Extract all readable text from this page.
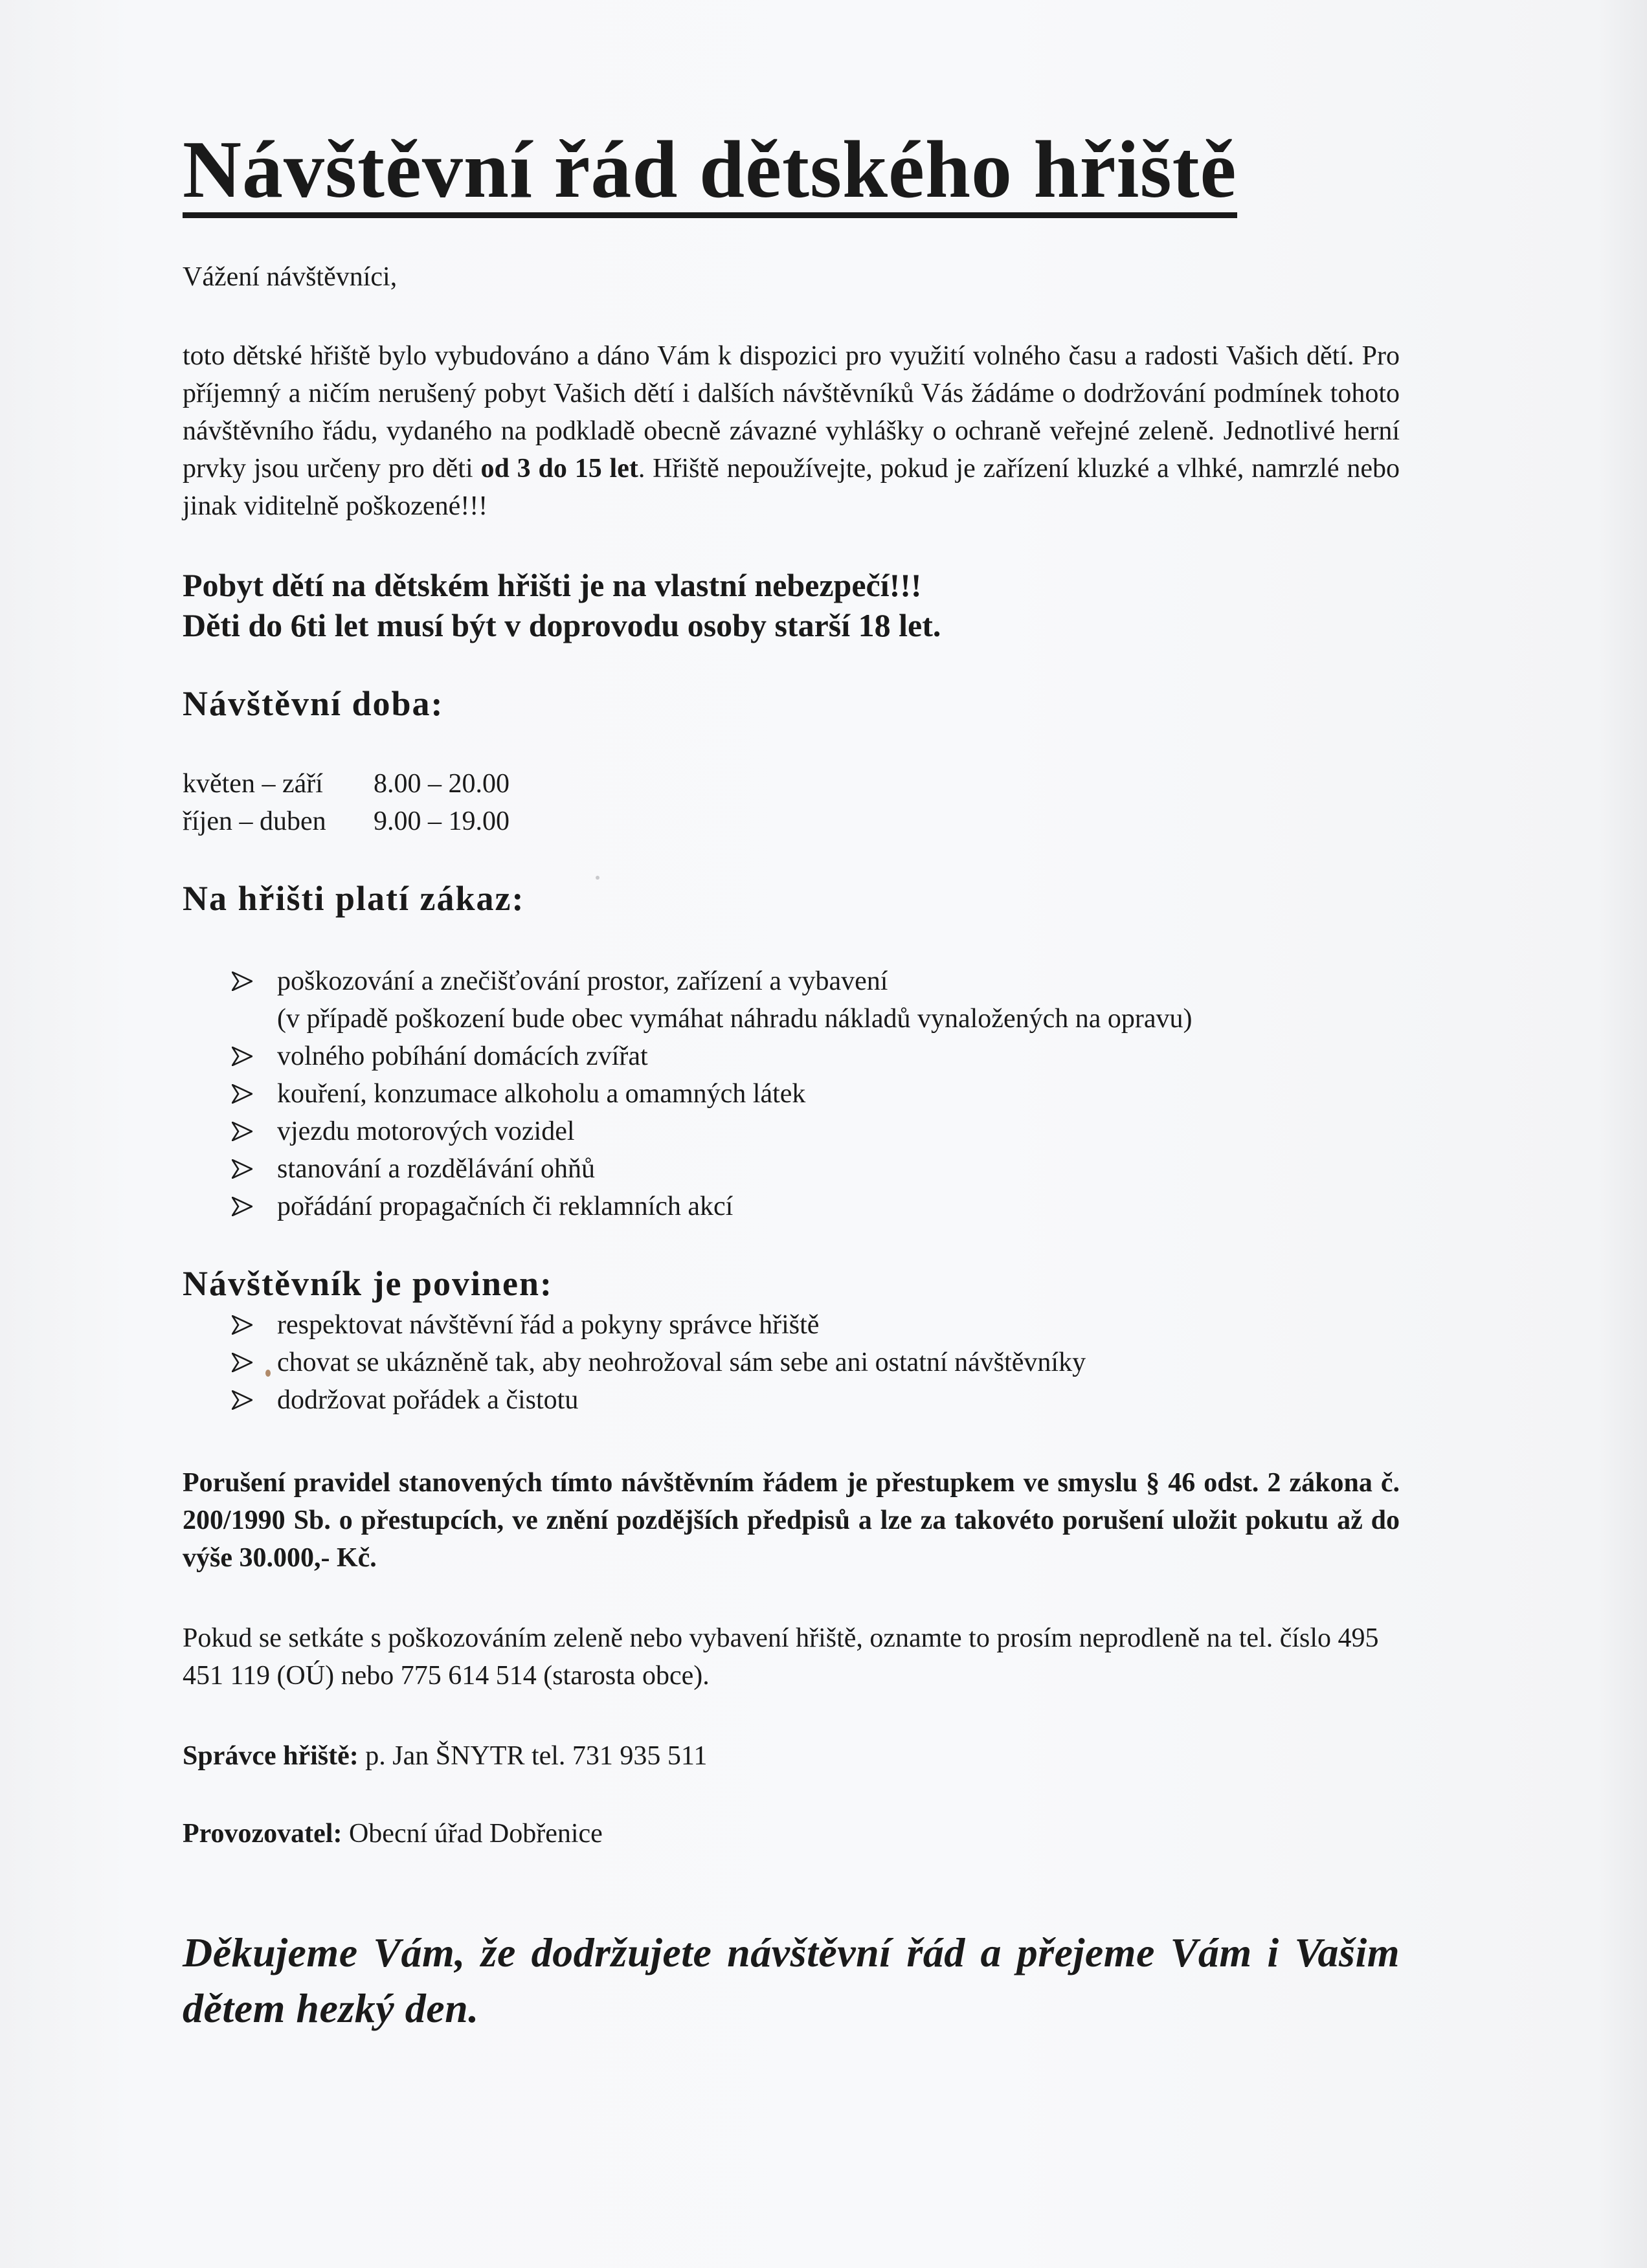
Návštěvní řád dětského hřiště
Vážení návštěvníci,
toto dětské hřiště bylo vybudováno a dáno Vám k dispozici pro využití volného času a radosti Vašich dětí. Pro příjemný a ničím nerušený pobyt Vašich dětí i dalších návštěvníků Vás žádáme o dodržování podmínek tohoto návštěvního řádu, vydaného na podkladě obecně závazné vyhlášky o ochraně veřejné zeleně. Jednotlivé herní prvky jsou určeny pro děti od 3 do 15 let. Hřiště nepoužívejte, pokud je zařízení kluzké a vlhké, namrzlé nebo jinak viditelně poškozené!!!
Pobyt dětí na dětském hřišti je na vlastní nebezpečí!!!
Děti do 6ti let musí být v doprovodu osoby starší 18 let.
Návštěvní doba:
květen – září 8.00 – 20.00
říjen – duben 9.00 – 19.00
Na hřišti platí zákaz:
poškozování a znečišťování prostor, zařízení a vybavení
(v případě poškození bude obec vymáhat náhradu nákladů vynaložených na opravu)
volného pobíhání domácích zvířat
kouření, konzumace alkoholu a omamných látek
vjezdu motorových vozidel
stanování a rozdělávání ohňů
pořádání propagačních či reklamních akcí
Návštěvník je povinen:
respektovat návštěvní řád a pokyny správce hřiště
chovat se ukázněně tak, aby neohrožoval sám sebe ani ostatní návštěvníky
dodržovat pořádek a čistotu
Porušení pravidel stanovených tímto návštěvním řádem je přestupkem ve smyslu § 46 odst. 2 zákona č. 200/1990 Sb. o přestupcích, ve znění pozdějších předpisů a lze za takovéto porušení uložit pokutu až do výše 30.000,- Kč.
Pokud se setkáte s poškozováním zeleně nebo vybavení hřiště, oznamte to prosím neprodleně na tel. číslo 495 451 119 (OÚ) nebo 775 614 514 (starosta obce).
Správce hřiště: p. Jan ŠNYTR tel. 731 935 511
Provozovatel: Obecní úřad Dobřenice
Děkujeme Vám, že dodržujete návštěvní řád a přejeme Vám i Vašim dětem hezký den.
